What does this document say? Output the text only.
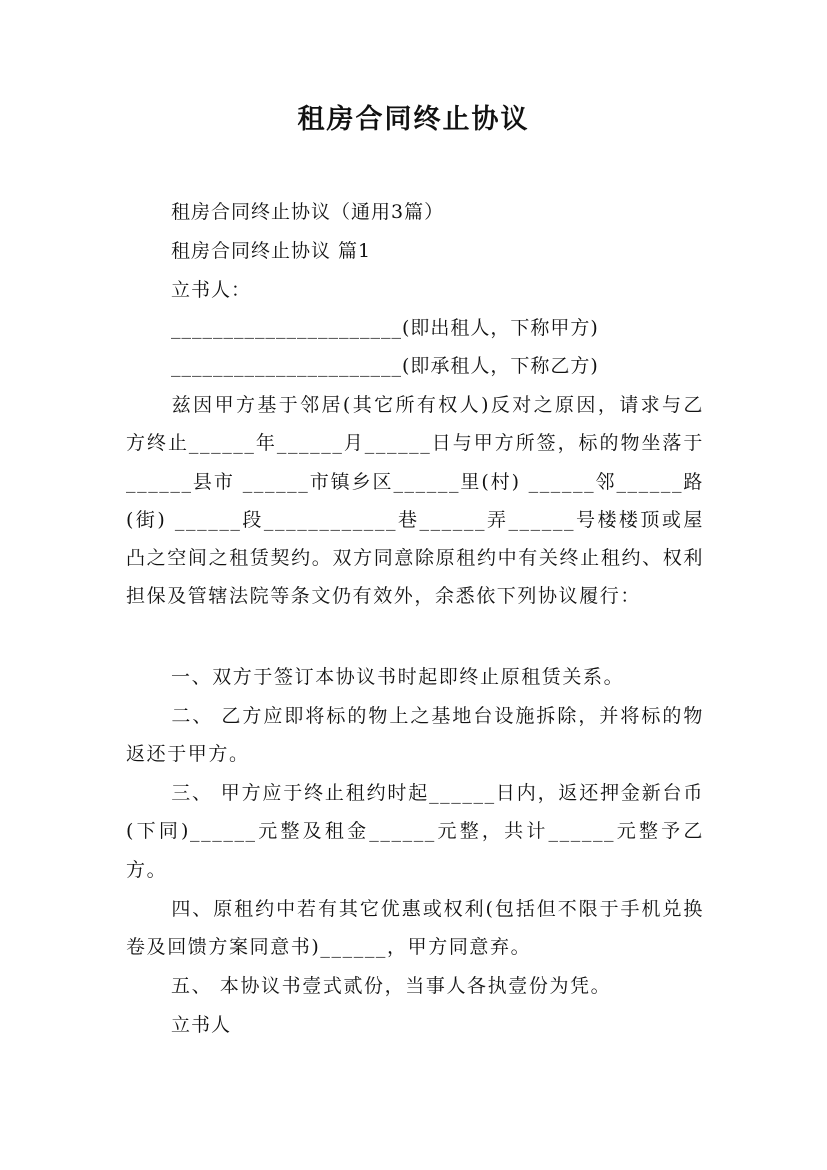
租房合同终止协议
租房合同终止协议（通用3篇）
租房合同终止协议 篇1
立书人：
______________________(即出租人，下称甲方)
______________________(即承租人，下称乙方)
兹因甲方基于邻居(其它所有权人)反对之原因，请求与乙方终止______年______月______日与甲方所签，标的物坐落于______县市 ______市镇乡区______里(村) ______邻______路(街) ______段____________巷______弄______号楼楼顶或屋凸之空间之租赁契约。双方同意除原租约中有关终止租约、权利担保及管辖法院等条文仍有效外，余悉依下列协议履行：
一、双方于签订本协议书时起即终止原租赁关系。
二、 乙方应即将标的物上之基地台设施拆除，并将标的物返还于甲方。
三、 甲方应于终止租约时起______日内，返还押金新台币(下同)______元整及租金______元整，共计______元整予乙方。
四、原租约中若有其它优惠或权利(包括但不限于手机兑换卷及回馈方案同意书)______，甲方同意弃。
五、 本协议书壹式贰份，当事人各执壹份为凭。
立书人
